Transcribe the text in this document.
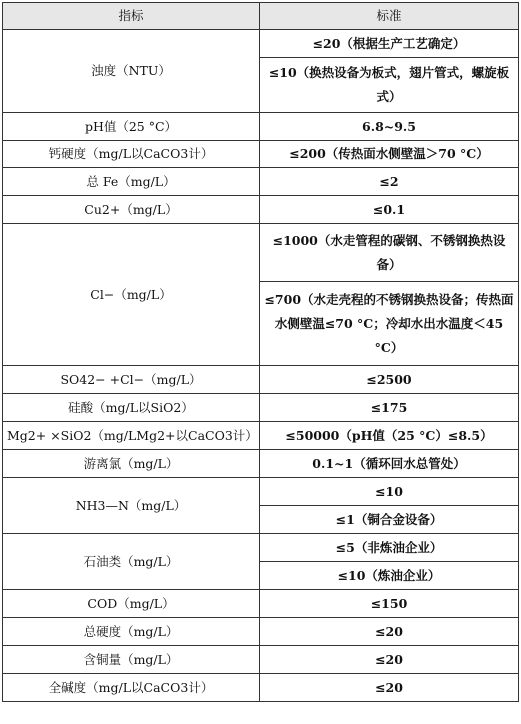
指标	标准
浊度（NTU）	≤20（根据生产工艺确定）
	≤10（换热设备为板式，翅片管式，螺旋板式）
pH值（25 °C）	6.8~9.5
钙硬度（mg/L以CaCO3计）	≤200（传热面水侧壁温＞70 °C）
总 Fe（mg/L）	≤2
Cu2+（mg/L）	≤0.1
Cl−（mg/L）	≤1000（水走管程的碳钢、不锈钢换热设备）
	≤700（水走壳程的不锈钢换热设备；传热面水侧壁温≤70 °C；冷却水出水温度＜45 °C）
SO42− +Cl−（mg/L）	≤2500
硅酸（mg/L以SiO2）	≤175
Mg2+ ×SiO2（mg/LMg2+以CaCO3计）	≤50000（pH值（25 °C）≤8.5）
游离氯（mg/L）	0.1~1（循环回水总管处）
NH3—N（mg/L）	≤10
	≤1（铜合金设备）
石油类（mg/L）	≤5（非炼油企业）
	≤10（炼油企业）
COD（mg/L）	≤150
总硬度（mg/L）	≤20
含铜量（mg/L）	≤20
全碱度（mg/L以CaCO3计）	≤20
